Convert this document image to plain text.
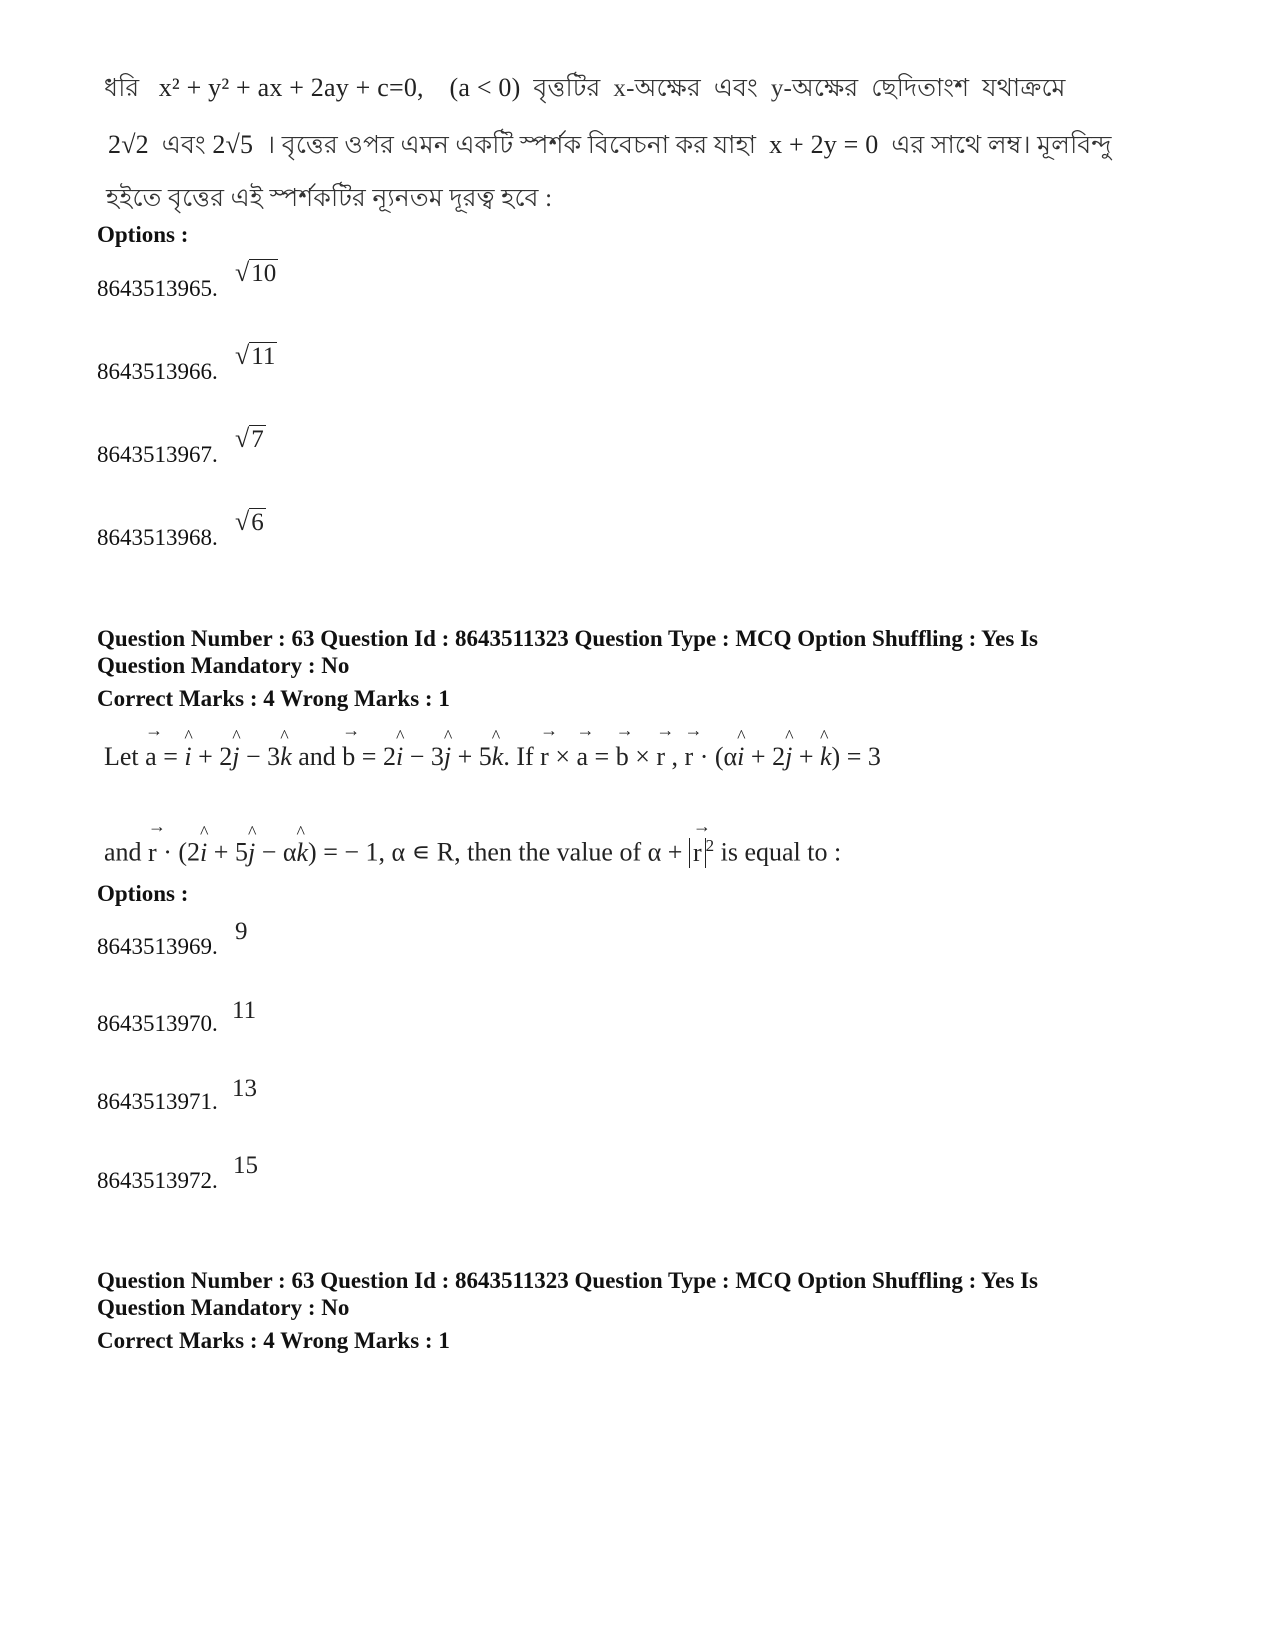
ধরি x² + y² + ax + 2ay + c=0, (a < 0) বৃত্তটির x-অক্ষের এবং y-অক্ষের ছেদিতাংশ যথাক্রমে
2√2 এবং 2√5 । বৃত্তের ওপর এমন একটি স্পর্শক বিবেচনা কর যাহা x + 2y = 0 এর সাথে লম্ব। মূলবিন্দু
হইতে বৃত্তের এই স্পর্শকটির ন্যূনতম দূরত্ব হবে :
Options :
8643513965.
√10
8643513966.
√11
8643513967.
√7
8643513968.
√6
Question Number : 63 Question Id : 8643511323 Question Type : MCQ Option Shuffling : Yes Is
Question Mandatory : No
Correct Marks : 4 Wrong Marks : 1
Let → a = ^ i + 2^ j − 3^ k and → b = 2^ i − 3^ j + 5^ k. If → r × → a = → b × → r , → r · (α^ i + 2^ j + ^ k) = 3
and → r · (2^ i + 5^ j − α^ k) = − 1, α ∊ R, then the value of α + → r $^2$ is equal to :
Options :
8643513969.
9
8643513970. 11
8643513971. 13
8643513972.
15
Question Number : 63 Question Id : 8643511323 Question Type : MCQ Option Shuffling : Yes Is
Question Mandatory : No
Correct Marks : 4 Wrong Marks : 1
